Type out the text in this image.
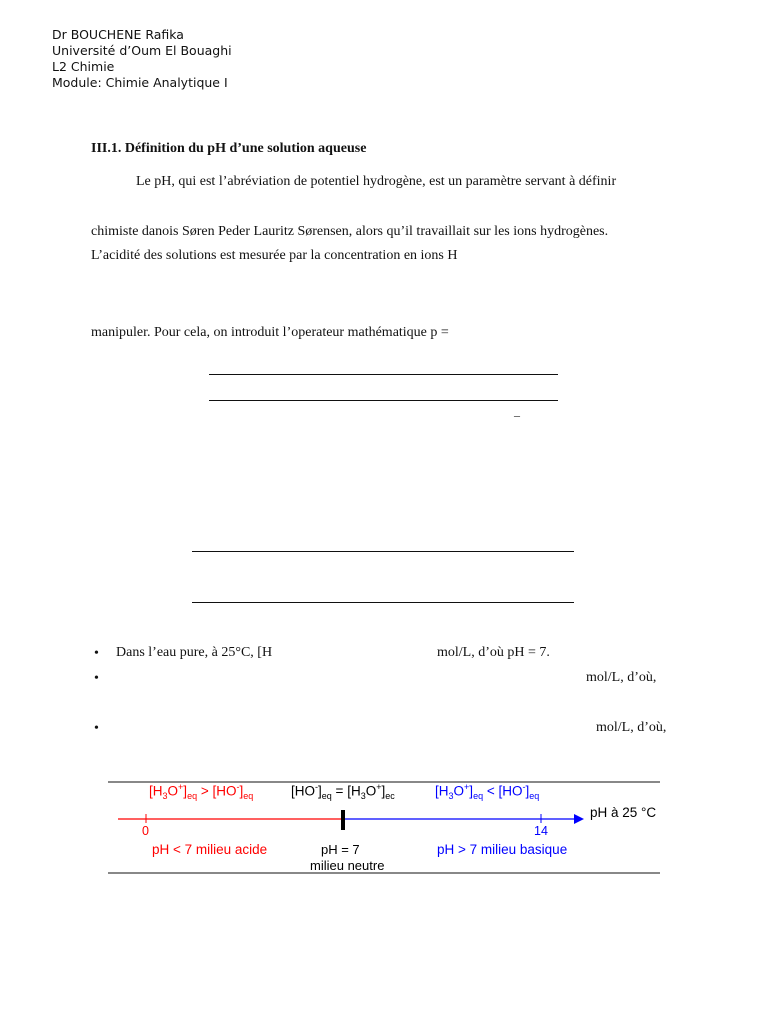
Dr BOUCHENE Rafika
Université d’Oum El Bouaghi
L2 Chimie
Module: Chimie Analytique I
III.1. Définition du pH d’une solution aqueuse
Le pH, qui est l’abréviation de potentiel hydrogène, est un paramètre servant à définir
chimiste danois Søren Peder Lauritz Sørensen, alors qu’il travaillait sur les ions hydrogènes.
L’acidité des solutions est mesurée par la concentration en ions H
manipuler. Pour cela, on introduit l’operateur mathématique p =
–
• Dans l’eau pure, à 25°C, [H	mol/L, d’où pH = 7.
•	mol/L, d’où,
•	mol/L, d’où,
$[H_3O^+]_{eq} > [HO^-]_{eq}$	$[HO^-]_{eq} = [H_3O^+]_{ec}$	$[H_3O^+]_{eq} < [HO^-]_{eq}$
pH à 25 °C
0	14
pH < 7 milieu acide	pH = 7
milieu neutre
pH > 7 milieu basique
